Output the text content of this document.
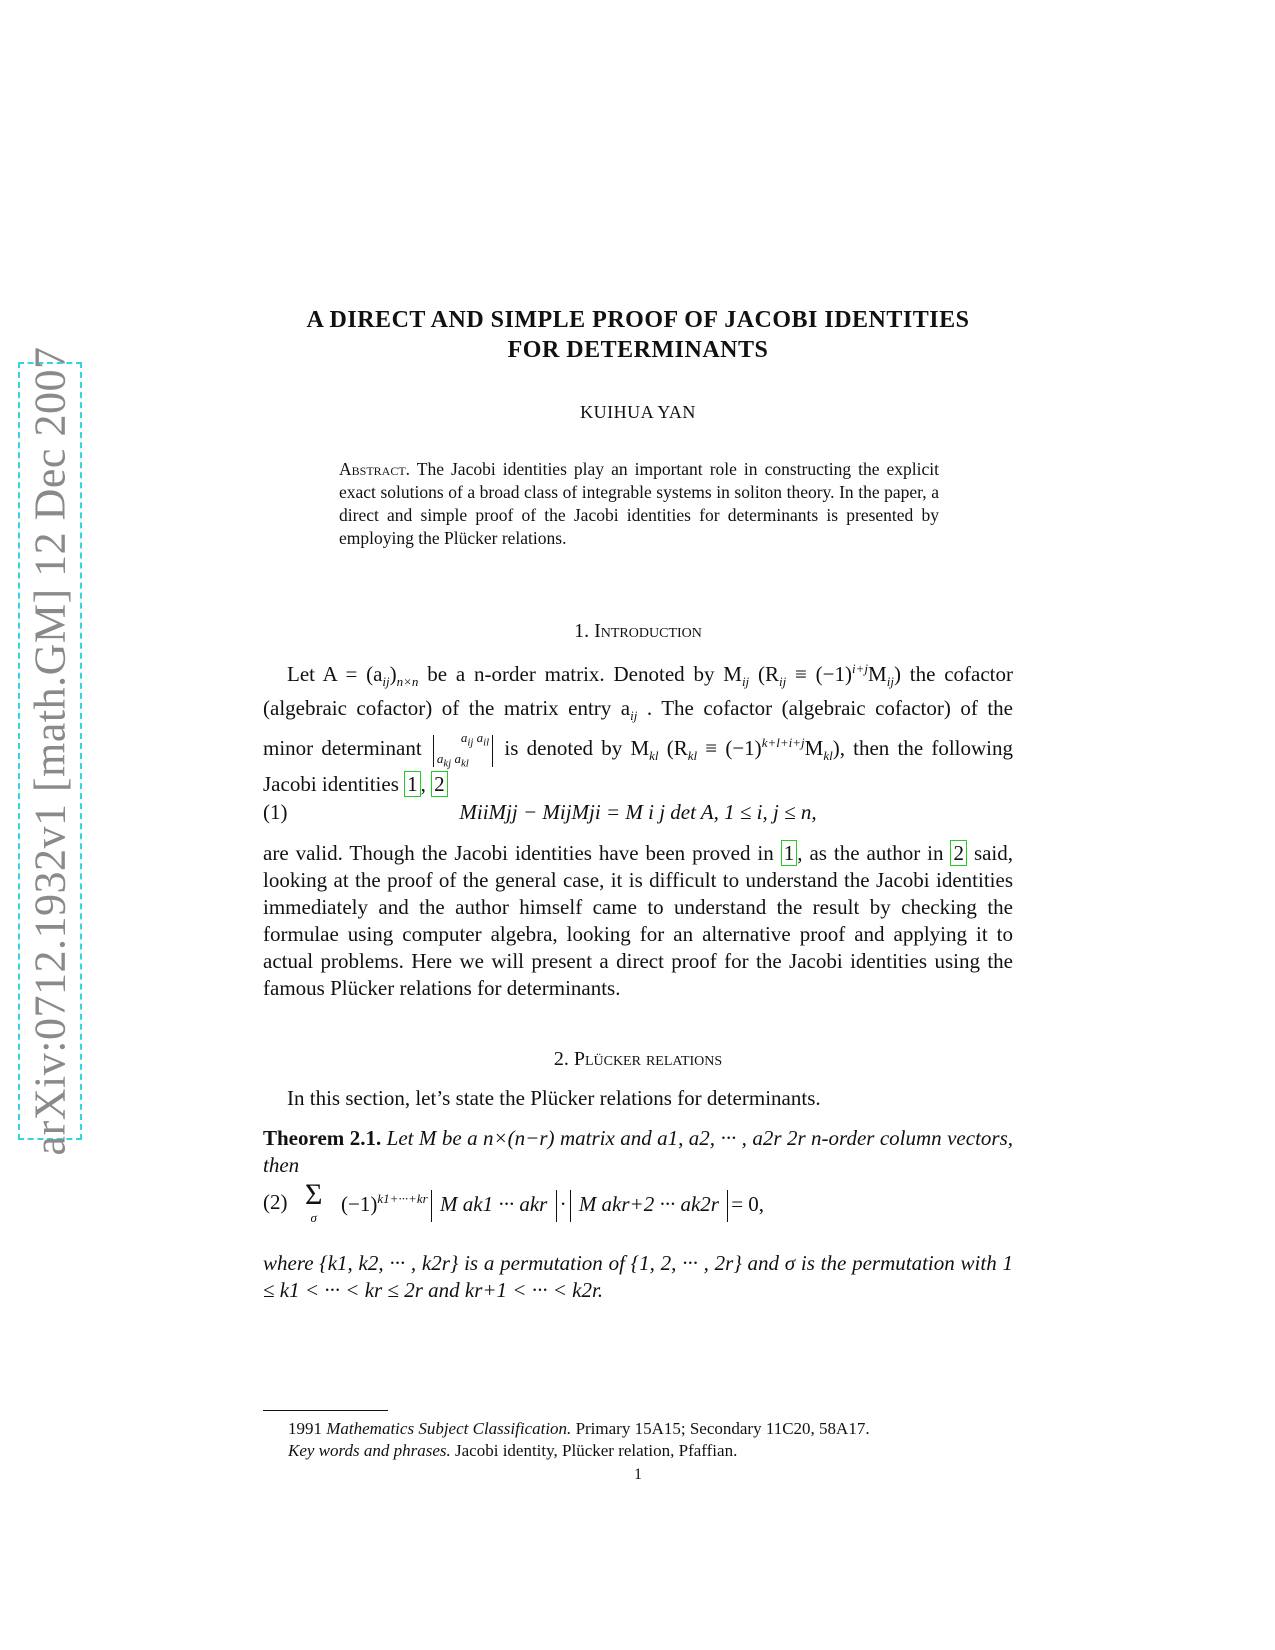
arXiv:0712.1932v1 [math.GM] 12 Dec 2007
A DIRECT AND SIMPLE PROOF OF JACOBI IDENTITIES
FOR DETERMINANTS
KUIHUA YAN
Abstract. The Jacobi identities play an important role in constructing the explicit exact solutions of a broad class of integrable systems in soliton theory. In the paper, a direct and simple proof of the Jacobi identities for determinants is presented by employing the Plücker relations.
1. Introduction
Let $A = (a_{ij})_{n\times n}$ be a n-order matrix. Denoted by $M_{ij}$ $(R_{ij} \equiv (-1)^{i+j}M_{ij})$ the cofactor (algebraic cofactor) of the matrix entry $a_{ij}$ . The cofactor (algebraic cofactor) of the minor determinant	$a_{ij}$ $a_{il}$
$a_{kj}$ $a_{kl}$ is denoted by $M_{kl}$ $(R_{kl} \equiv (-1)^{k+l+i+j}M_{kl})$, then the following Jacobi identities 1 , 2
(1)	MiiMjj − MijMji = M i j det A, 1 ≤ i, j ≤ n,
are valid. Though the Jacobi identities have been proved in 1 , as the author in 2 said, looking at the proof of the general case, it is difficult to understand the Jacobi identities immediately and the author himself came to understand the result by checking the formulae using computer algebra, looking for an alternative proof and applying it to actual problems. Here we will present a direct proof for the Jacobi identities using the famous Plücker relations for determinants.
2. Plücker relations
In this section, let’s state the Plücker relations for determinants.
Theorem 2.1. Let M be a n×(n−r) matrix and a1, a2, ··· , a2r 2r n-order column vectors, then
(2) Σ
σ
$(-1)^{k1+\cdot\cdot\cdot+kr}$ M ak1 ··· akr · M akr+2 ··· ak2r = 0,
where {k1, k2, ··· , k2r} is a permutation of {1, 2, ··· , 2r} and σ is the permutation with 1 ≤ k1 < ··· < kr ≤ 2r and kr+1 < ··· < k2r.
1991 Mathematics Subject Classification. Primary 15A15; Secondary 11C20, 58A17.
Key words and phrases. Jacobi identity, Plücker relation, Pfaffian.
1
